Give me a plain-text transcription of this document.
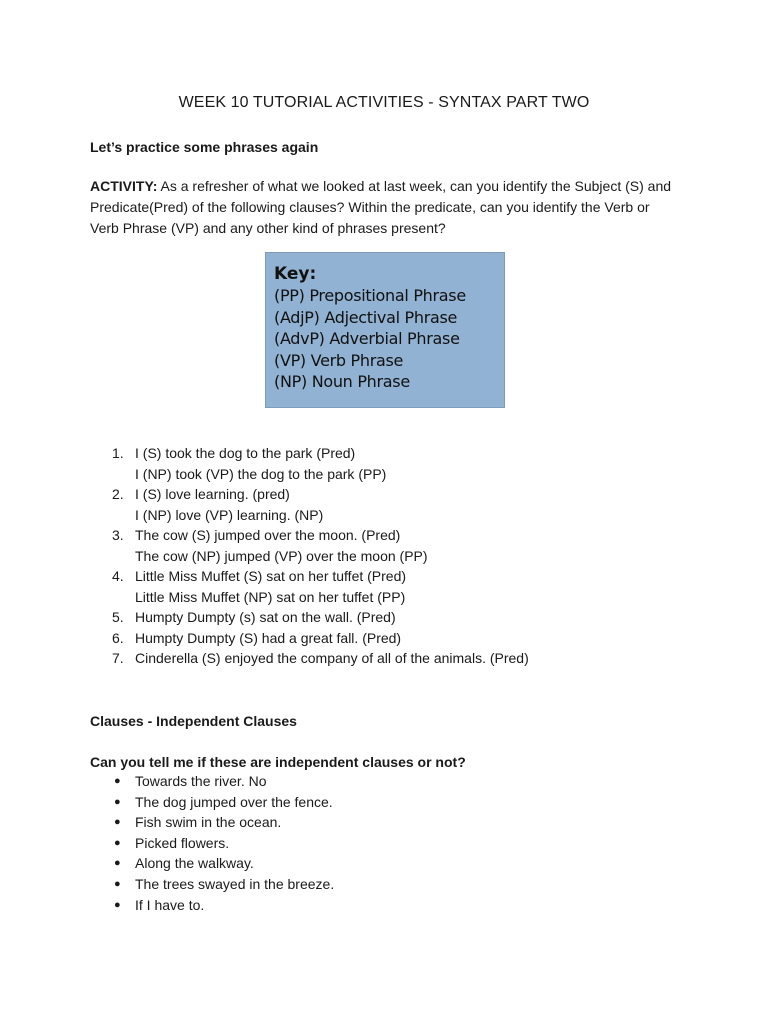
WEEK 10 TUTORIAL ACTIVITIES - SYNTAX PART TWO
Let’s practice some phrases again
ACTIVITY: As a refresher of what we looked at last week, can you identify the Subject (S) and Predicate(Pred) of the following clauses? Within the predicate, can you identify the Verb or Verb Phrase (VP) and any other kind of phrases present?
Key:
(PP) Prepositional Phrase
(AdjP) Adjectival Phrase
(AdvP) Adverbial Phrase
(VP) Verb Phrase
(NP) Noun Phrase
1. I (S) took the dog to the park (Pred)
I (NP) took (VP) the dog to the park (PP)
2. I (S) love learning. (pred)
I (NP) love (VP) learning. (NP)
3. The cow (S) jumped over the moon. (Pred)
The cow (NP) jumped (VP) over the moon (PP)
4. Little Miss Muffet (S) sat on her tuffet (Pred)
Little Miss Muffet (NP) sat on her tuffet (PP)
5. Humpty Dumpty (s) sat on the wall. (Pred)
6. Humpty Dumpty (S) had a great fall. (Pred)
7. Cinderella (S) enjoyed the company of all of the animals. (Pred)
Clauses - Independent Clauses
Can you tell me if these are independent clauses or not?
● Towards the river. No
● The dog jumped over the fence.
● Fish swim in the ocean.
● Picked flowers.
● Along the walkway.
● The trees swayed in the breeze.
● If I have to.
